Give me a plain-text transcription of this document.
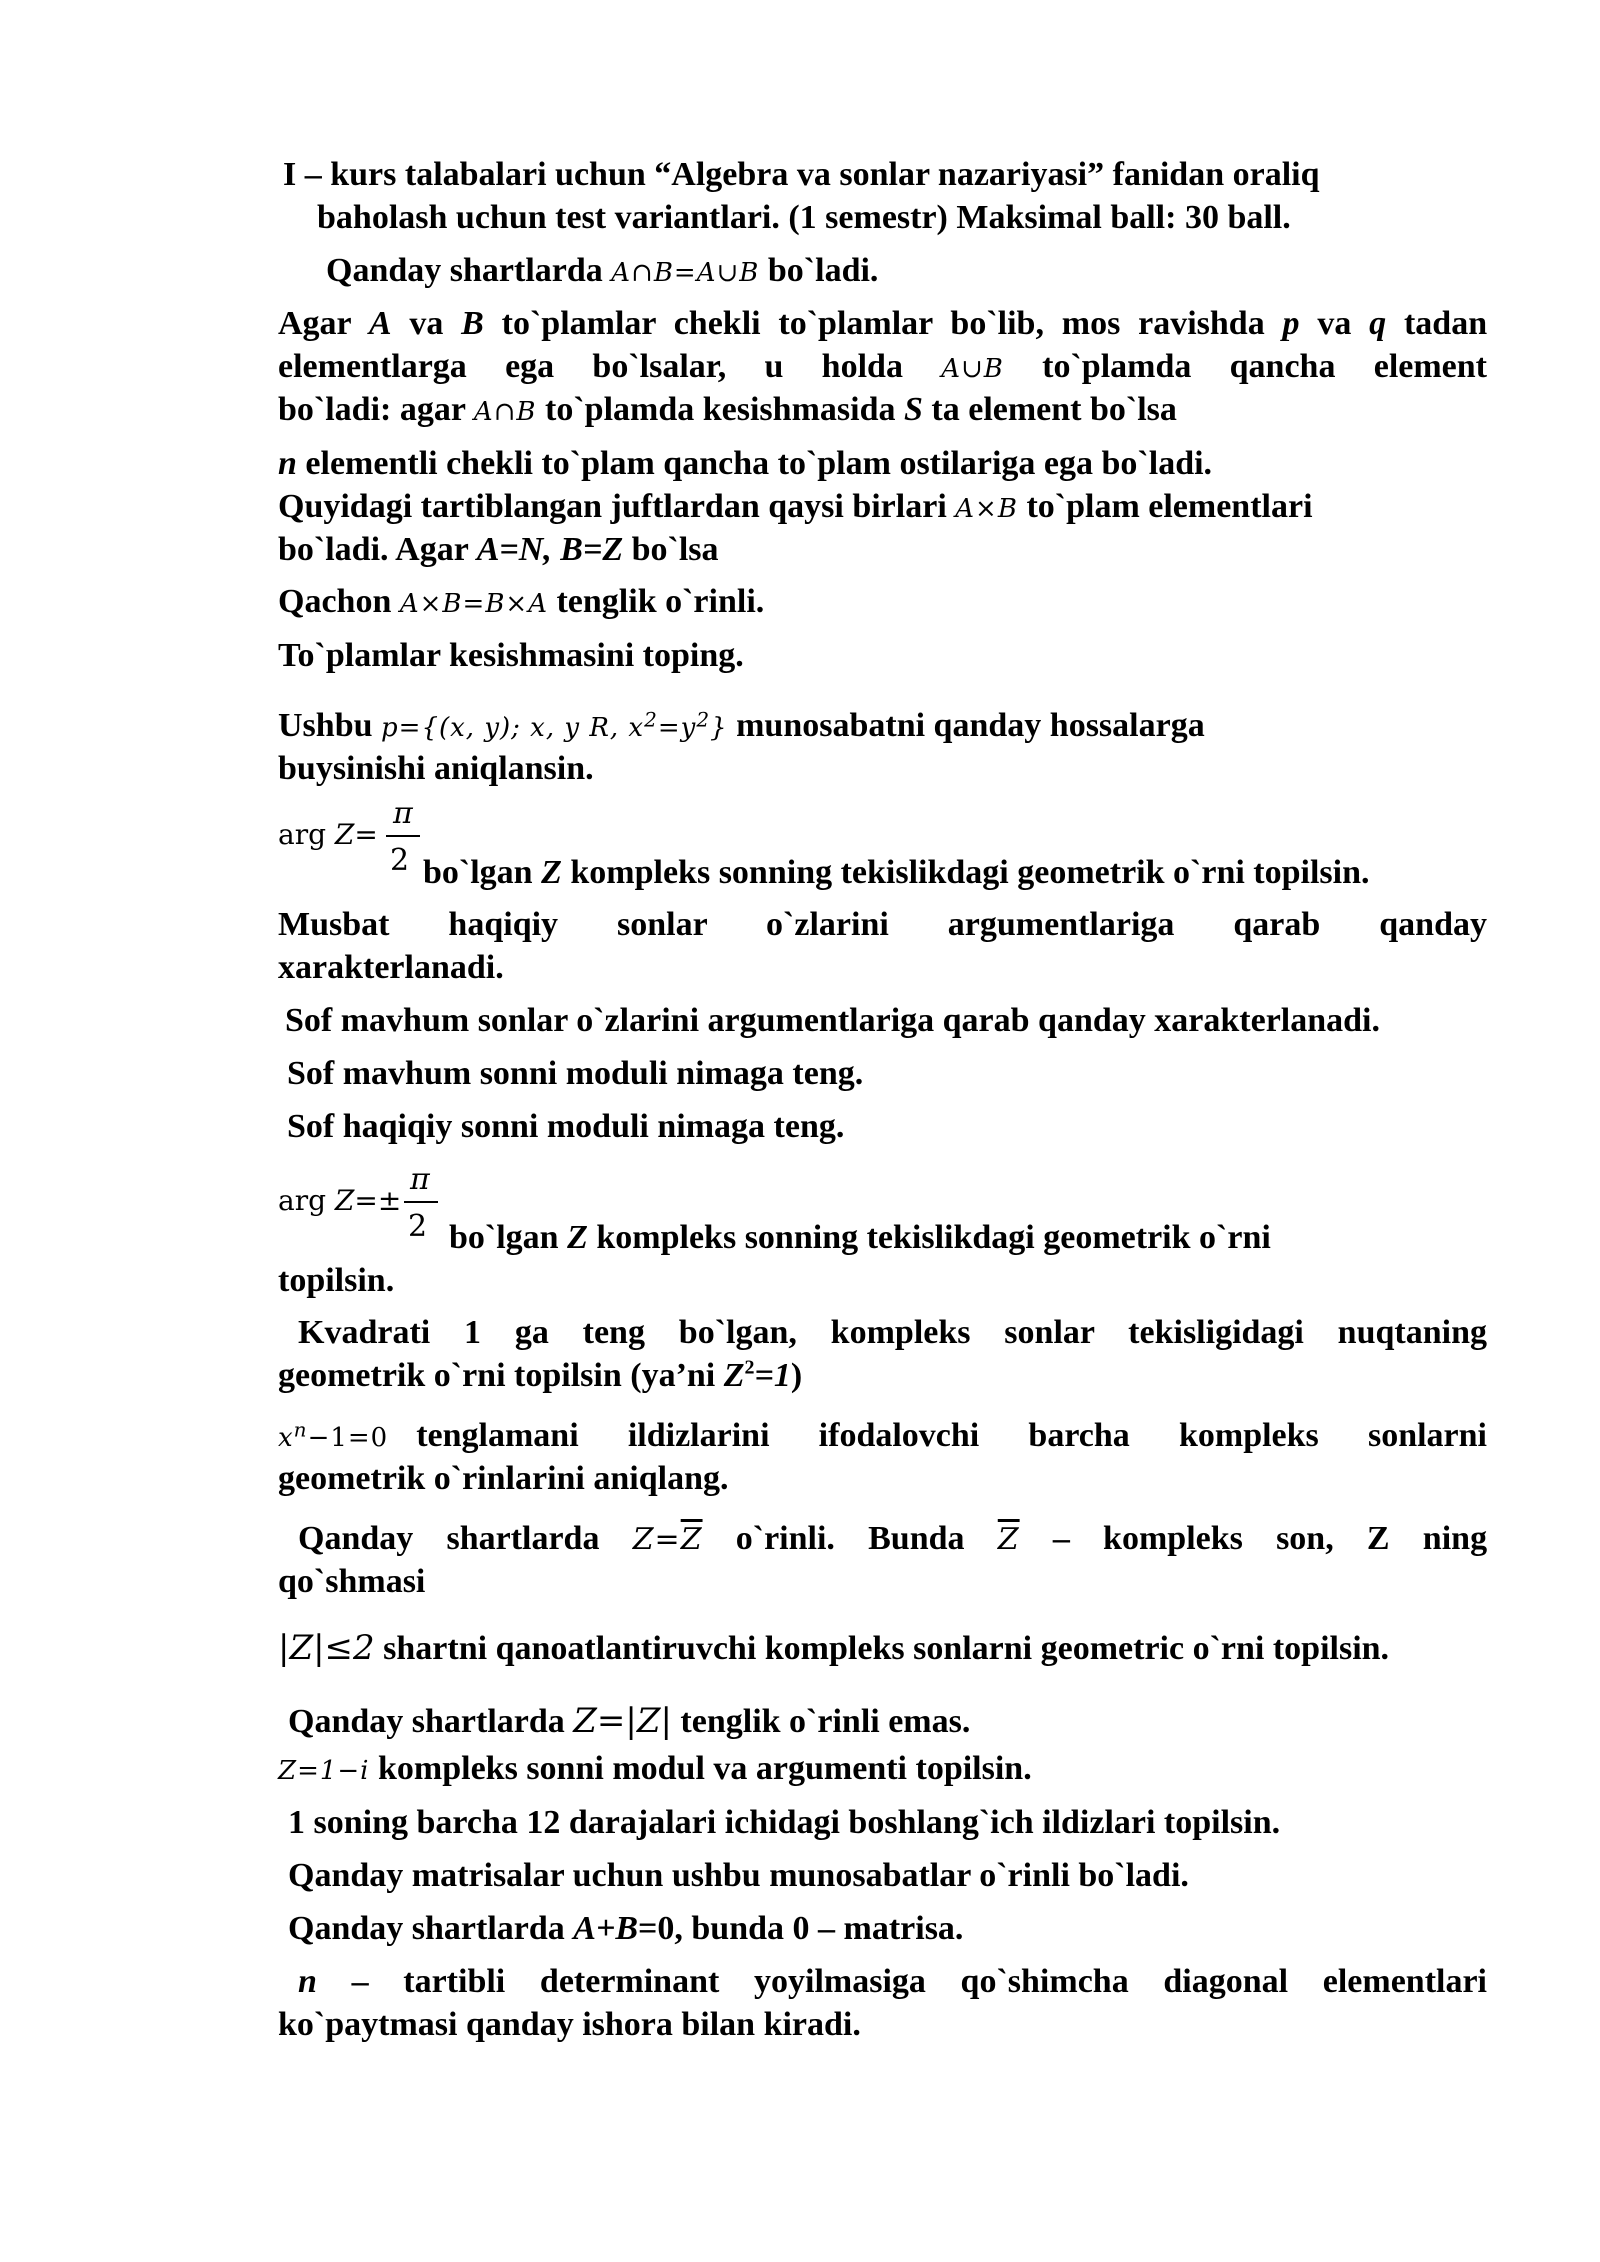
I – kurs talabalari uchun “Algebra va sonlar nazariyasi” fanidan oraliq
baholash uchun test variantlari. (1 semestr) Maksimal ball: 30 ball.
Qanday shartlarda A∩B=A∪B bo`ladi.
Agar A va B to`plamlar chekli to`plamlar bo`lib, mos ravishda p va q tadan
elementlarga ega bo`lsalar, u holda A∪B to`plamda qancha element
bo`ladi: agar A∩B to`plamda kesishmasida S ta element bo`lsa
n elementli chekli to`plam qancha to`plam ostilariga ega bo`ladi.
Quyidagi tartiblangan juftlardan qaysi birlari A×B to`plam elementlari
bo`ladi. Agar A=N, B=Z bo`lsa
Qachon A×B=B×A tenglik o`rinli.
To`plamlar kesishmasini toping.
Ushbu p={(x, y); x, y R, $x^2=y^2$} munosabatni qanday hossalarga
buysinishi aniqlansin.
π
arg Z=
2 bo`lgan Z kompleks sonning tekislikdagi geometrik o`rni topilsin.
Musbat haqiqiy sonlar o`zlarini argumentlariga qarab qanday
xarakterlanadi.
Sof mavhum sonlar o`zlarini argumentlariga qarab qanday xarakterlanadi.
Sof mavhum sonni moduli nimaga teng.
Sof haqiqiy sonni moduli nimaga teng.
π
arg Z=±
2 bo`lgan Z kompleks sonning tekislikdagi geometrik o`rni
topilsin.
Kvadrati 1 ga teng bo`lgan, kompleks sonlar tekisligidagi nuqtaning
geometrik o`rni topilsin (ya’ni $Z^2=1$)
$x^n-1=0$ tenglamani ildizlarini ifodalovchi barcha kompleks sonlarni
geometrik o`rinlarini aniqlang.
Qanday shartlarda $Z=\overline{Z}$ o`rinli. Bunda $\overline{Z}$ – kompleks son, Z ning
qo`shmasi
|Z|≤2 shartni qanoatlantiruvchi kompleks sonlarni geometric o`rni topilsin.
Qanday shartlarda Z=|Z| tenglik o`rinli emas.
Z=1−i kompleks sonni modul va argumenti topilsin.
1 soning barcha 12 darajalari ichidagi boshlang`ich ildizlari topilsin.
Qanday matrisalar uchun ushbu munosabatlar o`rinli bo`ladi.
Qanday shartlarda A+B=0, bunda 0 – matrisa.
n – tartibli determinant yoyilmasiga qo`shimcha diagonal elementlari
ko`paytmasi qanday ishora bilan kiradi.
